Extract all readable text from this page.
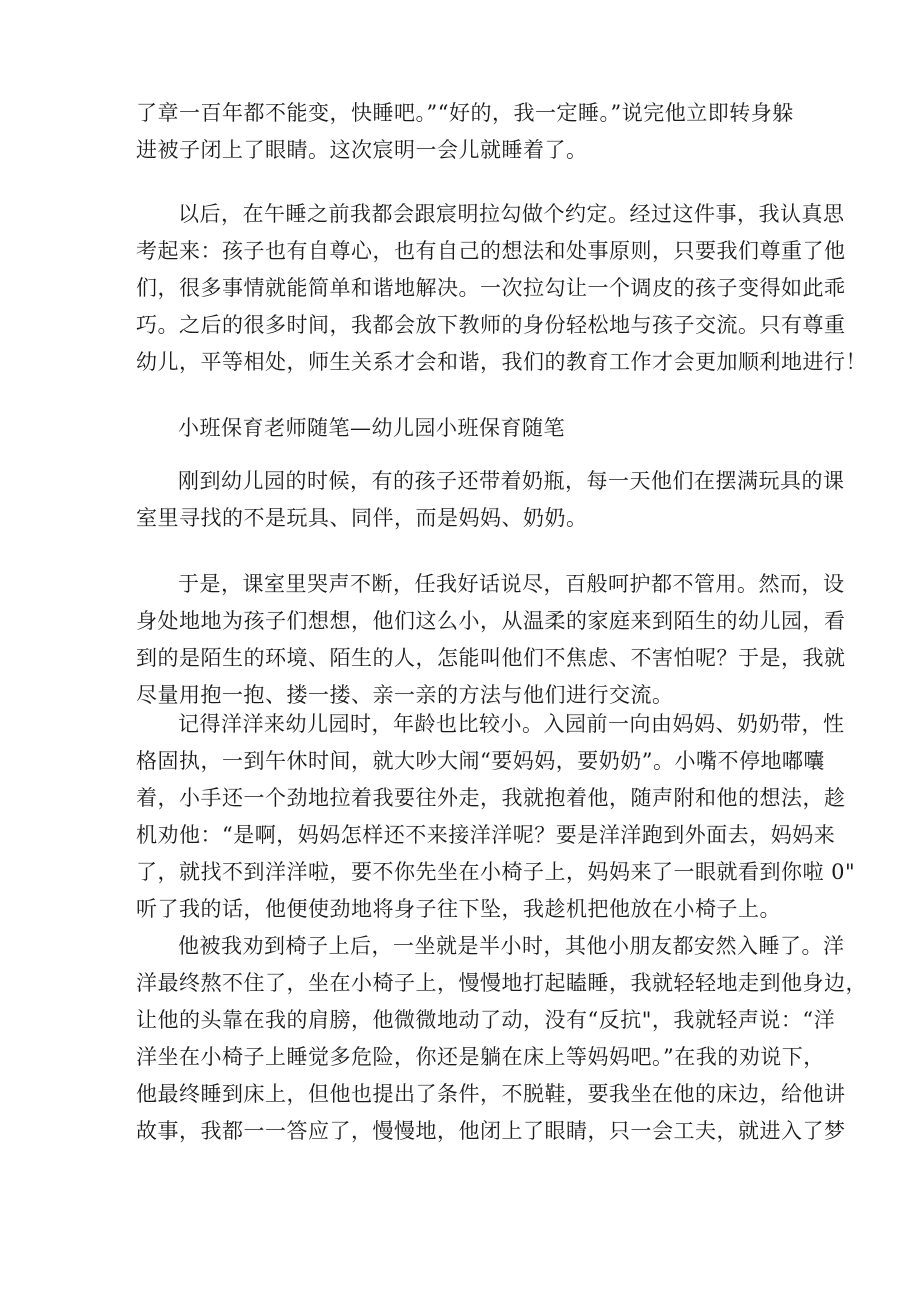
了章一百年都不能变，快睡吧。”“好的，我一定睡。”说完他立即转身躲
进被子闭上了眼睛。这次宸明一会儿就睡着了。

以后，在午睡之前我都会跟宸明拉勾做个约定。经过这件事，我认真思
考起来：孩子也有自尊心，也有自己的想法和处事原则，只要我们尊重了他
们，很多事情就能简单和谐地解决。一次拉勾让一个调皮的孩子变得如此乖
巧。之后的很多时间，我都会放下教师的身份轻松地与孩子交流。只有尊重
幼儿，平等相处，师生关系才会和谐，我们的教育工作才会更加顺利地进行！

小班保育老师随笔—幼儿园小班保育随笔

刚到幼儿园的时候，有的孩子还带着奶瓶，每一天他们在摆满玩具的课
室里寻找的不是玩具、同伴，而是妈妈、奶奶。

于是，课室里哭声不断，任我好话说尽，百般呵护都不管用。然而，设
身处地地为孩子们想想，他们这么小，从温柔的家庭来到陌生的幼儿园，看
到的是陌生的环境、陌生的人，怎能叫他们不焦虑、不害怕呢？于是，我就
尽量用抱一抱、搂一搂、亲一亲的方法与他们进行交流。

记得洋洋来幼儿园时，年龄也比较小。入园前一向由妈妈、奶奶带，性
格固执，一到午休时间，就大吵大闹“要妈妈，要奶奶”。小嘴不停地嘟囔
着，小手还一个劲地拉着我要往外走，我就抱着他，随声附和他的想法，趁
机劝他：“是啊，妈妈怎样还不来接洋洋呢？要是洋洋跑到外面去，妈妈来
了，就找不到洋洋啦，要不你先坐在小椅子上，妈妈来了一眼就看到你啦 0"
听了我的话，他便使劲地将身子往下坠，我趁机把他放在小椅子上。

他被我劝到椅子上后，一坐就是半小时，其他小朋友都安然入睡了。洋
洋最终熬不住了，坐在小椅子上，慢慢地打起瞌睡，我就轻轻地走到他身边，
让他的头靠在我的肩膀，他微微地动了动，没有“反抗"，我就轻声说：“洋
洋坐在小椅子上睡觉多危险，你还是躺在床上等妈妈吧。”在我的劝说下，
他最终睡到床上，但他也提出了条件，不脱鞋，要我坐在他的床边，给他讲
故事，我都一一答应了，慢慢地，他闭上了眼睛，只一会工夫，就进入了梦
